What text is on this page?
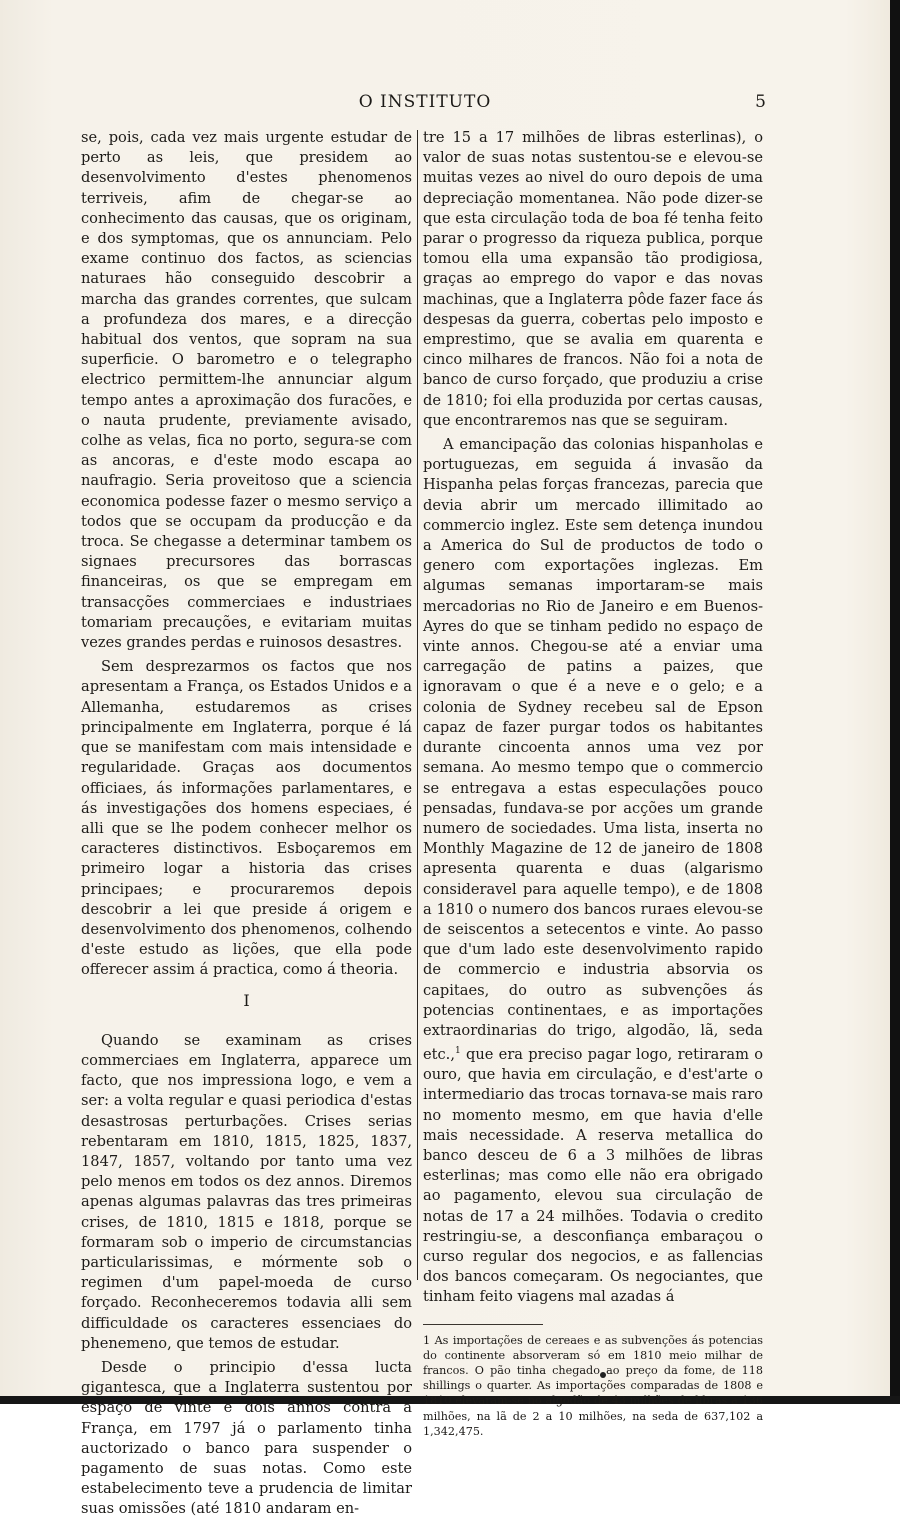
O INSTITUTO	5

se, pois, cada vez mais urgente estudar de perto as leis, que presidem ao desenvolvimento d'estes phenomenos terriveis, afim de chegar-se ao conhecimento das causas, que os originam, e dos symptomas, que os annunciam. Pelo exame continuo dos factos, as sciencias naturaes hão conseguido descobrir a marcha das grandes correntes, que sulcam a profundeza dos mares, e a direcção habitual dos ventos, que sopram na sua superficie. O barometro e o telegrapho electrico permittem-lhe annunciar algum tempo antes a aproximação dos furacões, e o nauta prudente, previamente avisado, colhe as velas, fica no porto, segura-se com as ancoras, e d'este modo escapa ao naufragio. Seria proveitoso que a sciencia economica podesse fazer o mesmo serviço a todos que se occupam da producção e da troca. Se chegasse a determinar tambem os signaes precursores das borrascas financeiras, os que se empregam em transacções commerciaes e industriaes tomariam precauções, e evitariam muitas vezes grandes perdas e ruinosos desastres.

Sem desprezarmos os factos que nos apresentam a França, os Estados Unidos e a Allemanha, estudaremos as crises principalmente em Inglaterra, porque é lá que se manifestam com mais intensidade e regularidade. Graças aos documentos officiaes, ás informações parlamentares, e ás investigações dos homens especiaes, é alli que se lhe podem conhecer melhor os caracteres distinctivos. Esboçaremos em primeiro logar a historia das crises principaes; e procuraremos depois descobrir a lei que preside á origem e desenvolvimento dos phenomenos, colhendo d'este estudo as lições, que ella pode offerecer assim á practica, como á theoria.

I

Quando se examinam as crises commerciaes em Inglaterra, apparece um facto, que nos impressiona logo, e vem a ser: a volta regular e quasi periodica d'estas desastrosas perturbações. Crises serias rebentaram em 1810, 1815, 1825, 1837, 1847, 1857, voltando por tanto uma vez pelo menos em todos os dez annos. Diremos apenas algumas palavras das tres primeiras crises, de 1810, 1815 e 1818, porque se formaram sob o imperio de circumstancias particularissimas, e mórmente sob o regimen d'um papel-moeda de curso forçado. Reconheceremos todavia alli sem difficuldade os caracteres essenciaes do phenemeno, que temos de estudar.

Desde o principio d'essa lucta gigantesca, que a Inglaterra sustentou por espaço de vinte e dois annos contra a França, em 1797 já o parlamento tinha auctorizado o banco para suspender o pagamento de suas notas. Como este estabelecimento teve a prudencia de limitar suas omissões (até 1810 andaram en-

tre 15 a 17 milhões de libras esterlinas), o valor de suas notas sustentou-se e elevou-se muitas vezes ao nivel do ouro depois de uma depreciação momentanea. Não pode dizer-se que esta circulação toda de boa fé tenha feito parar o progresso da riqueza publica, porque tomou ella uma expansão tão prodigiosa, graças ao emprego do vapor e das novas machinas, que a Inglaterra pôde fazer face ás despesas da guerra, cobertas pelo imposto e emprestimo, que se avalia em quarenta e cinco milhares de francos. Não foi a nota de banco de curso forçado, que produziu a crise de 1810; foi ella produzida por certas causas, que encontraremos nas que se seguiram.

A emancipação das colonias hispanholas e portuguezas, em seguida á invasão da Hispanha pelas forças francezas, parecia que devia abrir um mercado illimitado ao commercio inglez. Este sem detença inundou a America do Sul de productos de todo o genero com exportações inglezas. Em algumas semanas importaram-se mais mercadorias no Rio de Janeiro e em Buenos-Ayres do que se tinham pedido no espaço de vinte annos. Chegou-se até a enviar uma carregação de patins a paizes, que ignoravam o que é a neve e o gelo; e a colonia de Sydney recebeu sal de Epson capaz de fazer purgar todos os habitantes durante cincoenta annos uma vez por semana. Ao mesmo tempo que o commercio se entregava a estas especulações pouco pensadas, fundava-se por acções um grande numero de sociedades. Uma lista, inserta no Monthly Magazine de 12 de janeiro de 1808 apresenta quarenta e duas (algarismo consideravel para aquelle tempo), e de 1808 a 1810 o numero dos bancos ruraes elevou-se de seiscentos a setecentos e vinte. Ao passo que d'um lado este desenvolvimento rapido de commercio e industria absorvia os capitaes, do outro as subvenções ás potencias continentaes, e as importações extraordinarias do trigo, algodão, lã, seda etc.,$^1$ que era preciso pagar logo, retiraram o ouro, que havia em circulação, e d'est'arte o intermediario das trocas tornava-se mais raro no momento mesmo, em que havia d'elle mais necessidade. A reserva metallica do banco desceu de 6 a 3 milhões de libras esterlinas; mas como elle não era obrigado ao pagamento, elevou sua circulação de notas de 17 a 24 milhões. Todavia o credito restringiu-se, a desconfiança embaraçou o curso regular dos negocios, e as fallencias dos bancos começaram. Os negociantes, que tinham feito viagens mal azadas á

1 As importações de cereaes e as subvenções ás potencias do continente absorveram só em 1810 meio milhar de francos. O pão tinha chegado ao preço da fome, de 118 shillings o quarter. As importações comparadas de 1808 e 1810 elevaram-se no algodão de 43 milhões de libras a 136 milhões, na lã de 2 a 10 milhões, na seda de 637,102 a 1,342,475.
